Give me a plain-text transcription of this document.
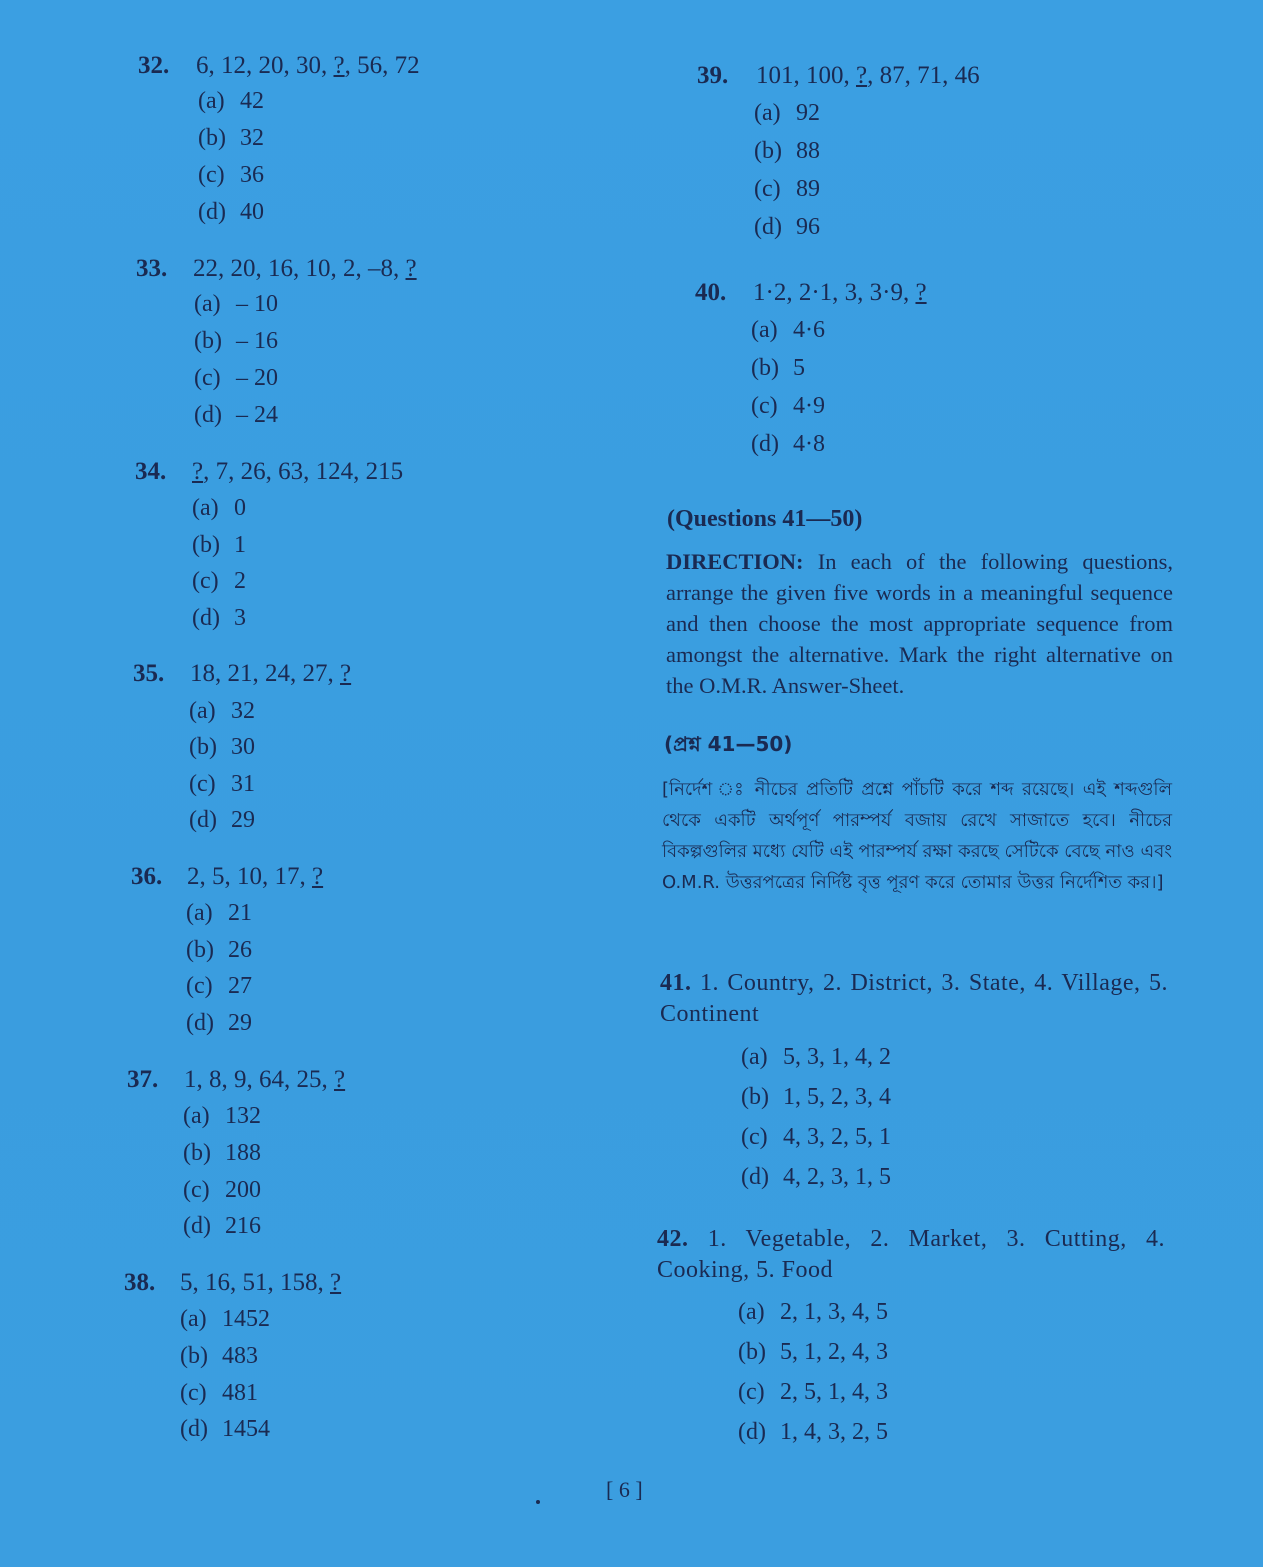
32. 6, 12, 20, 30, ?, 56, 72
(a) 42
(b) 32
(c) 36
(d) 40
33. 22, 20, 16, 10, 2, –8, ?
(a) – 10
(b) – 16
(c) – 20
(d) – 24
34. ?, 7, 26, 63, 124, 215
(a) 0
(b) 1
(c) 2
(d) 3
35. 18, 21, 24, 27, ?
(a) 32
(b) 30
(c) 31
(d) 29
36. 2, 5, 10, 17, ?
(a) 21
(b) 26
(c) 27
(d) 29
37. 1, 8, 9, 64, 25, ?
(a) 132
(b) 188
(c) 200
(d) 216
38. 5, 16, 51, 158, ?
(a) 1452
(b) 483
(c) 481
(d) 1454
39. 101, 100, ?, 87, 71, 46
(a) 92
(b) 88
(c) 89
(d) 96
40. 1·2, 2·1, 3, 3·9, ?
(a) 4·6
(b) 5
(c) 4·9
(d) 4·8
(Questions 41—50)
DIRECTION: In each of the following questions, arrange the given five words in a meaningful sequence and then choose the most appropriate sequence from amongst the alternative. Mark the right alternative on the O.M.R. Answer-Sheet.
(প্রশ্ন 41—50)
[নির্দেশ ঃ নীচের প্রতিটি প্রশ্নে পাঁচটি করে শব্দ রয়েছে। এই শব্দগুলি থেকে একটি অর্থপূর্ণ পারম্পর্য বজায় রেখে সাজাতে হবে। নীচের বিকল্পগুলির মধ্যে যেটি এই পারম্পর্য রক্ষা করছে সেটিকে বেছে নাও এবং O.M.R. উত্তরপত্রের নির্দিষ্ট বৃত্ত পূরণ করে তোমার উত্তর নির্দেশিত কর।]
41. 1. Country, 2. District, 3. State, 4. Village, 5. Continent
(a) 5, 3, 1, 4, 2
(b) 1, 5, 2, 3, 4
(c) 4, 3, 2, 5, 1
(d) 4, 2, 3, 1, 5
42. 1. Vegetable, 2. Market, 3. Cutting, 4. Cooking, 5. Food
(a) 2, 1, 3, 4, 5
(b) 5, 1, 2, 4, 3
(c) 2, 5, 1, 4, 3
(d) 1, 4, 3, 2, 5
[ 6 ]
